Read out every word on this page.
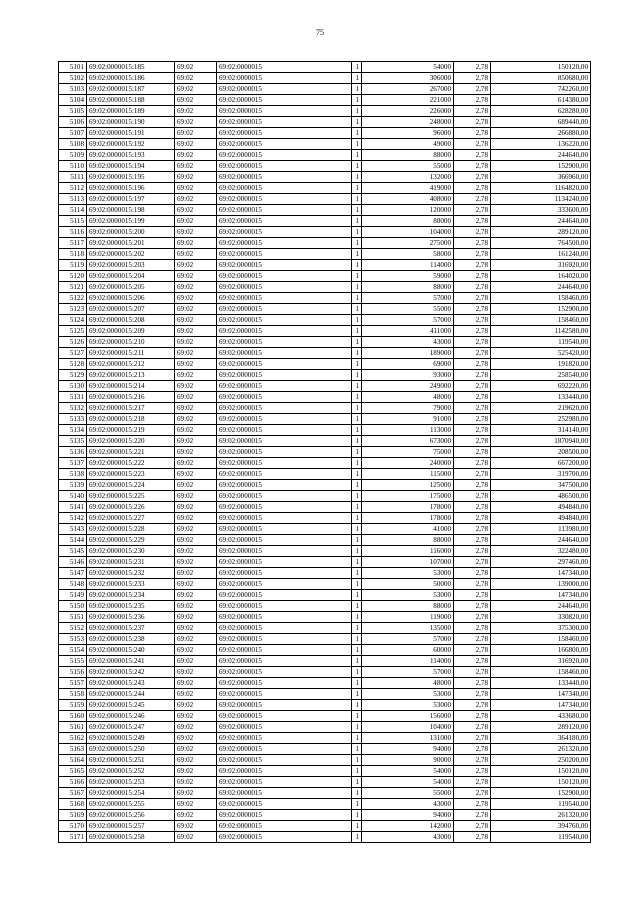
75
5101	69:02:0000015:185	69:02	69:02:0000015	1	54000	2,78	150120,00
5102	69:02:0000015:186	69:02	69:02:0000015	1	306000	2,78	850680,00
5103	69:02:0000015:187	69:02	69:02:0000015	1	267000	2,78	742260,00
5104	69:02:0000015:188	69:02	69:02:0000015	1	221000	2,78	614380,00
5105	69:02:0000015:189	69:02	69:02:0000015	1	226000	2,78	628280,00
5106	69:02:0000015:190	69:02	69:02:0000015	1	248000	2,78	689440,00
5107	69:02:0000015:191	69:02	69:02:0000015	1	96000	2,78	266880,00
5108	69:02:0000015:192	69:02	69:02:0000015	1	49000	2,78	136220,00
5109	69:02:0000015:193	69:02	69:02:0000015	1	88000	2,78	244640,00
5110	69:02:0000015:194	69:02	69:02:0000015	1	55000	2,78	152900,00
5111	69:02:0000015:195	69:02	69:02:0000015	1	132000	2,78	366960,00
5112	69:02:0000015:196	69:02	69:02:0000015	1	419000	2,78	1164820,00
5113	69:02:0000015:197	69:02	69:02:0000015	1	408000	2,78	1134240,00
5114	69:02:0000015:198	69:02	69:02:0000015	1	120000	2,78	333600,00
5115	69:02:0000015:199	69:02	69:02:0000015	1	88000	2,78	244640,00
5116	69:02:0000015:200	69:02	69:02:0000015	1	104000	2,78	289120,00
5117	69:02:0000015:201	69:02	69:02:0000015	1	275000	2,78	764500,00
5118	69:02:0000015:202	69:02	69:02:0000015	1	58000	2,78	161240,00
5119	69:02:0000015:203	69:02	69:02:0000015	1	114000	2,78	316920,00
5120	69:02:0000015:204	69:02	69:02:0000015	1	59000	2,78	164020,00
5121	69:02:0000015:205	69:02	69:02:0000015	1	88000	2,78	244640,00
5122	69:02:0000015:206	69:02	69:02:0000015	1	57000	2,78	158460,00
5123	69:02:0000015:207	69:02	69:02:0000015	1	55000	2,78	152900,00
5124	69:02:0000015:208	69:02	69:02:0000015	1	57000	2,78	158460,00
5125	69:02:0000015:209	69:02	69:02:0000015	1	411000	2,78	1142580,00
5126	69:02:0000015:210	69:02	69:02:0000015	1	43000	2,78	119540,00
5127	69:02:0000015:211	69:02	69:02:0000015	1	189000	2,78	525420,00
5128	69:02:0000015:212	69:02	69:02:0000015	1	69000	2,78	191820,00
5129	69:02:0000015:213	69:02	69:02:0000015	1	93000	2,78	258540,00
5130	69:02:0000015:214	69:02	69:02:0000015	1	249000	2,78	692220,00
5131	69:02:0000015:216	69:02	69:02:0000015	1	48000	2,78	133440,00
5132	69:02:0000015:217	69:02	69:02:0000015	1	79000	2,78	219620,00
5133	69:02:0000015:218	69:02	69:02:0000015	1	91000	2,78	252980,00
5134	69:02:0000015:219	69:02	69:02:0000015	1	113000	2,78	314140,00
5135	69:02:0000015:220	69:02	69:02:0000015	1	673000	2,78	1870940,00
5136	69:02:0000015:221	69:02	69:02:0000015	1	75000	2,78	208500,00
5137	69:02:0000015:222	69:02	69:02:0000015	1	240000	2,78	667200,00
5138	69:02:0000015:223	69:02	69:02:0000015	1	115000	2,78	319700,00
5139	69:02:0000015:224	69:02	69:02:0000015	1	125000	2,78	347500,00
5140	69:02:0000015:225	69:02	69:02:0000015	1	175000	2,78	486500,00
5141	69:02:0000015:226	69:02	69:02:0000015	1	178000	2,78	494840,00
5142	69:02:0000015:227	69:02	69:02:0000015	1	178000	2,78	494840,00
5143	69:02:0000015:228	69:02	69:02:0000015	1	41000	2,78	113980,00
5144	69:02:0000015:229	69:02	69:02:0000015	1	88000	2,78	244640,00
5145	69:02:0000015:230	69:02	69:02:0000015	1	116000	2,78	322480,00
5146	69:02:0000015:231	69:02	69:02:0000015	1	107000	2,78	297460,00
5147	69:02:0000015:232	69:02	69:02:0000015	1	53000	2,78	147340,00
5148	69:02:0000015:233	69:02	69:02:0000015	1	50000	2,78	139000,00
5149	69:02:0000015:234	69:02	69:02:0000015	1	53000	2,78	147340,00
5150	69:02:0000015:235	69:02	69:02:0000015	1	88000	2,78	244640,00
5151	69:02:0000015:236	69:02	69:02:0000015	1	119000	2,78	330820,00
5152	69:02:0000015:237	69:02	69:02:0000015	1	135000	2,78	375300,00
5153	69:02:0000015:238	69:02	69:02:0000015	1	57000	2,78	158460,00
5154	69:02:0000015:240	69:02	69:02:0000015	1	60000	2,78	166800,00
5155	69:02:0000015:241	69:02	69:02:0000015	1	114000	2,78	316920,00
5156	69:02:0000015:242	69:02	69:02:0000015	1	57000	2,78	158460,00
5157	69:02:0000015:243	69:02	69:02:0000015	1	48000	2,78	133440,00
5158	69:02:0000015:244	69:02	69:02:0000015	1	53000	2,78	147340,00
5159	69:02:0000015:245	69:02	69:02:0000015	1	53000	2,78	147340,00
5160	69:02:0000015:246	69:02	69:02:0000015	1	156000	2,78	433680,00
5161	69:02:0000015:247	69:02	69:02:0000015	1	104000	2,78	289120,00
5162	69:02:0000015:249	69:02	69:02:0000015	1	131000	2,78	364180,00
5163	69:02:0000015:250	69:02	69:02:0000015	1	94000	2,78	261320,00
5164	69:02:0000015:251	69:02	69:02:0000015	1	90000	2,78	250200,00
5165	69:02:0000015:252	69:02	69:02:0000015	1	54000	2,78	150120,00
5166	69:02:0000015:253	69:02	69:02:0000015	1	54000	2,78	150120,00
5167	69:02:0000015:254	69:02	69:02:0000015	1	55000	2,78	152900,00
5168	69:02:0000015:255	69:02	69:02:0000015	1	43000	2,78	119540,00
5169	69:02:0000015:256	69:02	69:02:0000015	1	94000	2,78	261320,00
5170	69:02:0000015:257	69:02	69:02:0000015	1	142000	2,78	394760,00
5171	69:02:0000015:258	69:02	69:02:0000015	1	43000	2,78	119540,00
